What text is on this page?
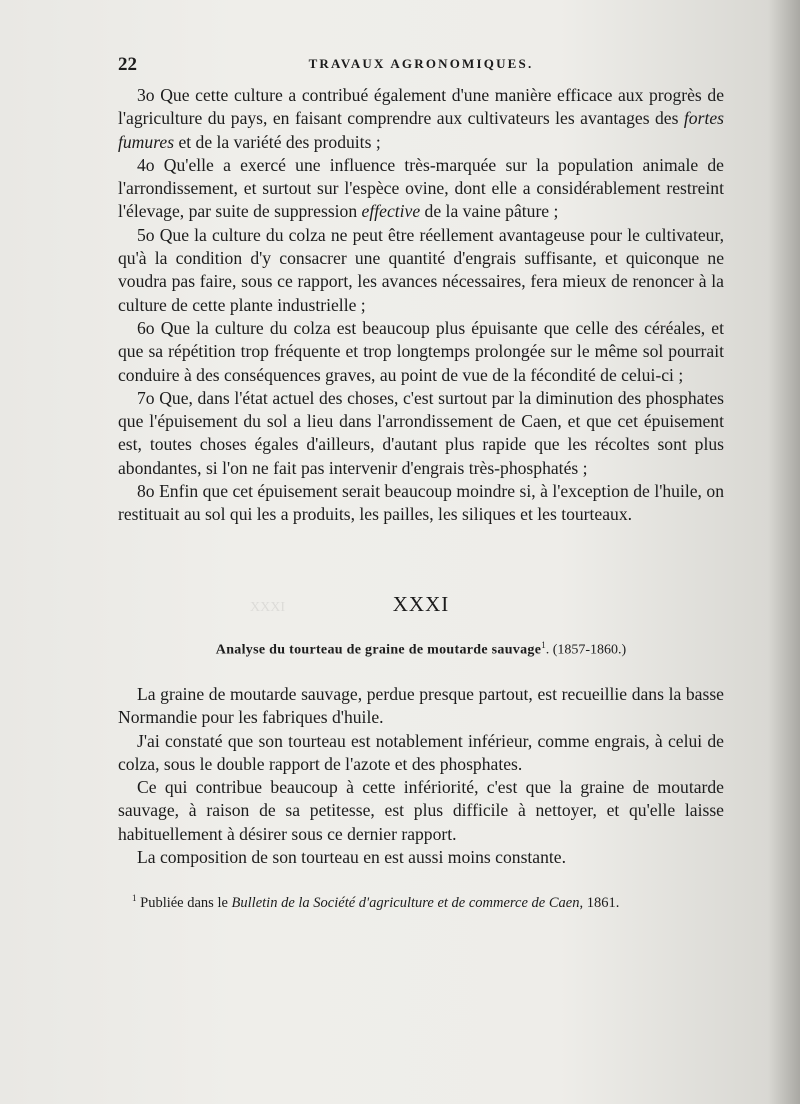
XXXI
22	TRAVAUX AGRONOMIQUES.

3o Que cette culture a contribué également d'une manière efficace aux progrès de l'agriculture du pays, en faisant comprendre aux cultivateurs les avantages des fortes fumures et de la variété des produits ;

4o Qu'elle a exercé une influence très-marquée sur la population animale de l'arrondissement, et surtout sur l'espèce ovine, dont elle a considérablement restreint l'élevage, par suite de suppression effective de la vaine pâture ;

5o Que la culture du colza ne peut être réellement avantageuse pour le cultivateur, qu'à la condition d'y consacrer une quantité d'engrais suffisante, et quiconque ne voudra pas faire, sous ce rapport, les avances nécessaires, fera mieux de renoncer à la culture de cette plante industrielle ;

6o Que la culture du colza est beaucoup plus épuisante que celle des céréales, et que sa répétition trop fréquente et trop longtemps prolongée sur le même sol pourrait conduire à des conséquences graves, au point de vue de la fécondité de celui-ci ;

7o Que, dans l'état actuel des choses, c'est surtout par la diminution des phosphates que l'épuisement du sol a lieu dans l'arrondissement de Caen, et que cet épuisement est, toutes choses égales d'ailleurs, d'autant plus rapide que les récoltes sont plus abondantes, si l'on ne fait pas intervenir d'engrais très-phosphatés ;

8o Enfin que cet épuisement serait beaucoup moindre si, à l'exception de l'huile, on restituait au sol qui les a produits, les pailles, les siliques et les tourteaux.

XXXI
Analyse du tourteau de graine de moutarde sauvage$^1$. (1857-1860.)

La graine de moutarde sauvage, perdue presque partout, est recueillie dans la basse Normandie pour les fabriques d'huile.

J'ai constaté que son tourteau est notablement inférieur, comme engrais, à celui de colza, sous le double rapport de l'azote et des phosphates.

Ce qui contribue beaucoup à cette infériorité, c'est que la graine de moutarde sauvage, à raison de sa petitesse, est plus difficile à nettoyer, et qu'elle laisse habituellement à désirer sous ce dernier rapport.

La composition de son tourteau en est aussi moins constante.

$^1$ Publiée dans le Bulletin de la Société d'agriculture et de commerce de Caen, 1861.
